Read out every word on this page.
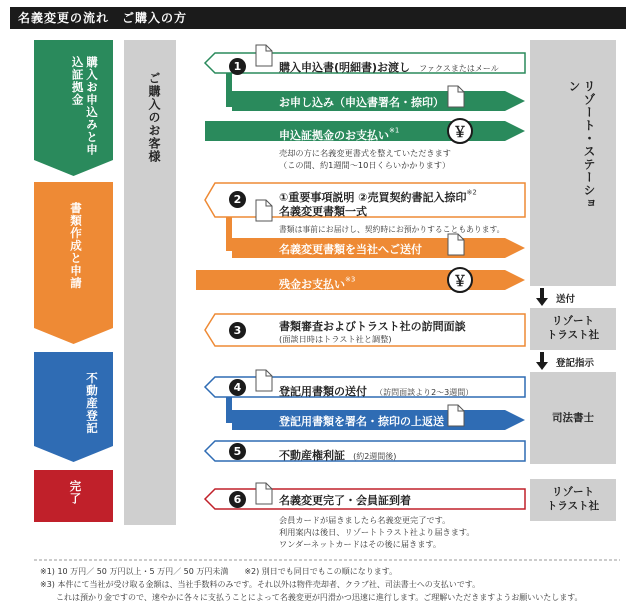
名義変更の流れ　ご購入の方
購入お申込みと申込証拠金
書類作成と申請
不動産登記
完了
ご購入のお客様	リゾート・ステーション
リゾート
トラスト社
司法書士
リゾート
トラスト社
送付
登記指示
1	購入申込書(明細書)お渡し ファクスまたはメール
お申し込み（申込書署名・捺印）
申込証拠金のお支払い$^{※1}$	￥
売却の方に名義変更書式を整えていただきます
（この間、約1週間～10日くらいかかります）
2	①重要事項説明 ②売買契約書記入捺印$^{※2}$
名義変更書類一式
書類は事前にお届けし、契約時にお預かりすることもあります。
名義変更書類を当社へご送付
残金お支払い$^{※3}$	￥
3	書類審査およびトラスト社の訪問面談
(面談日時はトラスト社と調整)
4	登記用書類の送付 （訪問面談より2～3週間）
登記用書類を署名・捺印の上返送
5	不動産権利証 (約2週間後)
6	名義変更完了・会員証到着
会員カードが届きましたら名義変更完了です。
利用案内は後日、リゾートトラスト社より届きます。
ワンダーネットカードはその後に届きます。
※1) 10 万円／ 50 万円以上・5 万円／ 50 万円未満　　※2) 別日でも同日でもこの順になります。
※3) 本件にて当社が受け取る金額は、当社手数料のみです。それ以外は物件売却者、クラブ社、司法書士への支払いです。
　　これは預かり金ですので、速やかに各々に支払うことによって名義変更が円滑かつ迅速に進行します。ご理解いただきますようお願いいたします。
